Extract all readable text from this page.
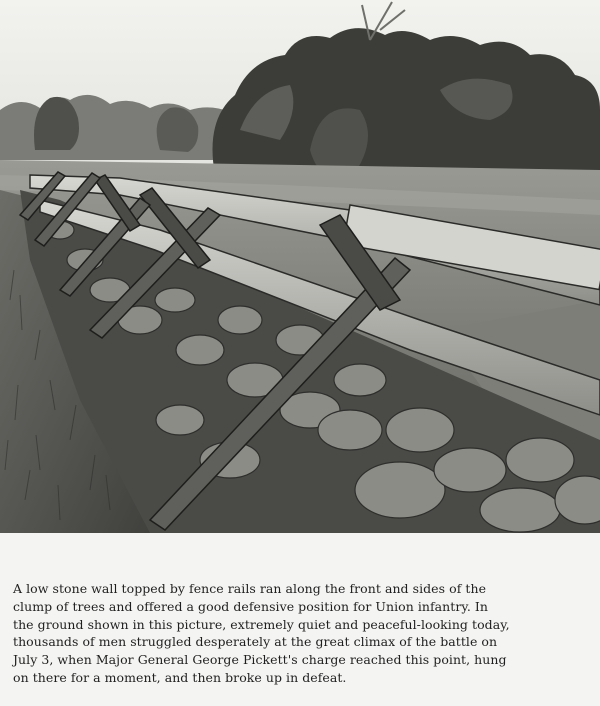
A low stone wall topped by fence rails ran along the front and sides of the
clump of trees and offered a good defensive position for Union infantry. In
the ground shown in this picture, extremely quiet and peaceful-looking today,
thousands of men struggled desperately at the great climax of the battle on
July 3, when Major General George Pickett's charge reached this point, hung
on there for a moment, and then broke up in defeat.
